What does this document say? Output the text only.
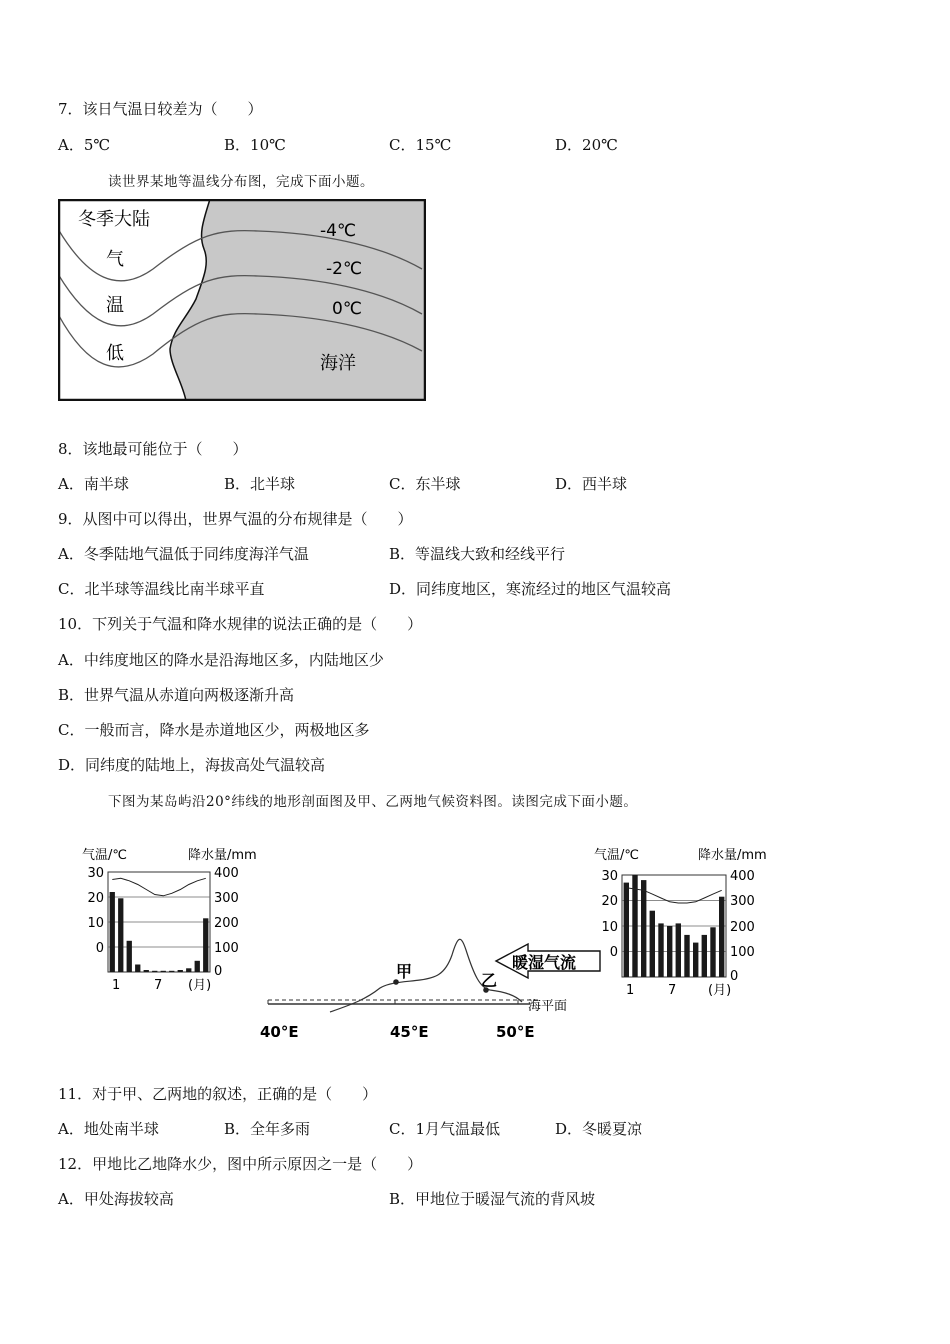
7．该日气温日较差为（　　）
A．5℃	B．10℃	C．15℃	D．20℃
读世界某地等温线分布图，完成下面小题。
冬季大陆
气
温
低
-4℃
-2℃
0℃
海洋
8．该地最可能位于（　　）
A．南半球	B．北半球	C．东半球	D．西半球
9．从图中可以得出，世界气温的分布规律是（　　）
A．冬季陆地气温低于同纬度海洋气温	B．等温线大致和经线平行
C．北半球等温线比南半球平直	D．同纬度地区，寒流经过的地区气温较高
10．下列关于气温和降水规律的说法正确的是（　　）
A．中纬度地区的降水是沿海地区多，内陆地区少
B．世界气温从赤道向两极逐渐升高
C．一般而言，降水是赤道地区少，两极地区多
D．同纬度的陆地上，海拔高处气温较高
下图为某岛屿沿20°纬线的地形剖面图及甲、乙两地气候资料图。读图完成下面小题。
气温/℃	降水量/mm
30
20
10
0
400
300
200
100
0
1	7 (月)
气温/℃	降水量/mm
30
20
10
0
400
300
200
100
0
1	7 (月)
甲	乙
暖湿气流
海平面
40°E	45°E	50°E
11．对于甲、乙两地的叙述，正确的是（　　）
A．地处南半球	B．全年多雨	C．1月气温最低	D．冬暖夏凉
12．甲地比乙地降水少，图中所示原因之一是（　　）
A．甲处海拔较高	B．甲地位于暖湿气流的背风坡
